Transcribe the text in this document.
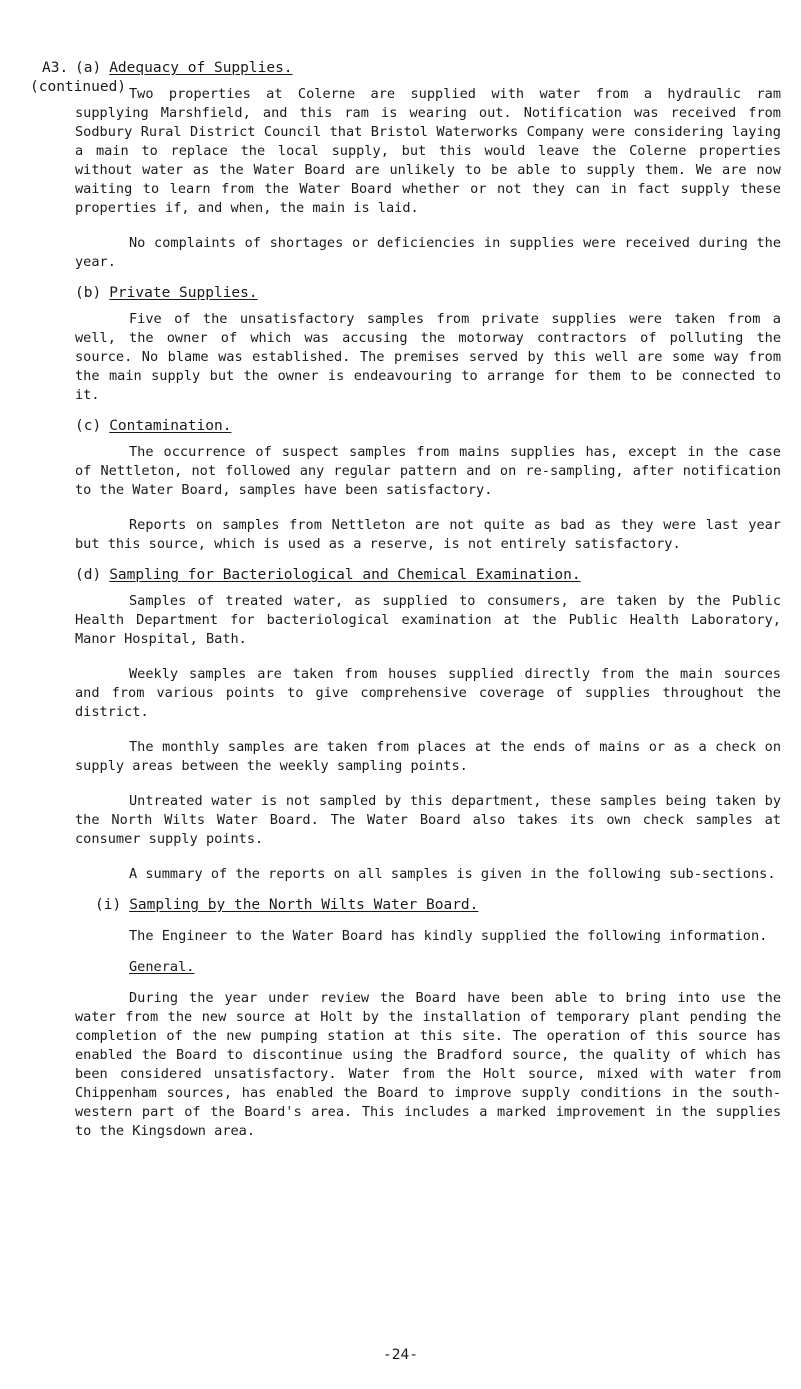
A3.
(continued)
(a) Adequacy of Supplies.

Two properties at Colerne are supplied with water from a hydraulic ram supplying Marshfield, and this ram is wearing out. Notification was received from Sodbury Rural District Council that Bristol Waterworks Company were considering laying a main to replace the local supply, but this would leave the Colerne properties without water as the Water Board are unlikely to be able to supply them. We are now waiting to learn from the Water Board whether or not they can in fact supply these properties if, and when, the main is laid.

No complaints of shortages or deficiencies in supplies were received during the year.

(b) Private Supplies.

Five of the unsatisfactory samples from private supplies were taken from a well, the owner of which was accusing the motorway contractors of polluting the source. No blame was established. The premises served by this well are some way from the main supply but the owner is endeavouring to arrange for them to be connected to it.

(c) Contamination.

The occurrence of suspect samples from mains supplies has, except in the case of Nettleton, not followed any regular pattern and on re-sampling, after notification to the Water Board, samples have been satisfactory.

Reports on samples from Nettleton are not quite as bad as they were last year but this source, which is used as a reserve, is not entirely satisfactory.

(d) Sampling for Bacteriological and Chemical Examination.

Samples of treated water, as supplied to consumers, are taken by the Public Health Department for bacteriological examination at the Public Health Laboratory, Manor Hospital, Bath.

Weekly samples are taken from houses supplied directly from the main sources and from various points to give comprehensive coverage of supplies throughout the district.

The monthly samples are taken from places at the ends of mains or as a check on supply areas between the weekly sampling points.

Untreated water is not sampled by this department, these samples being taken by the North Wilts Water Board. The Water Board also takes its own check samples at consumer supply points.

A summary of the reports on all samples is given in the following sub-sections.

(i) Sampling by the North Wilts Water Board.

The Engineer to the Water Board has kindly supplied the following information.

General.

During the year under review the Board have been able to bring into use the water from the new source at Holt by the installation of temporary plant pending the completion of the new pumping station at this site. The operation of this source has enabled the Board to discontinue using the Bradford source, the quality of which has been considered unsatisfactory. Water from the Holt source, mixed with water from Chippenham sources, has enabled the Board to improve supply conditions in the south-western part of the Board's area. This includes a marked improvement in the supplies to the Kingsdown area.

-24-
